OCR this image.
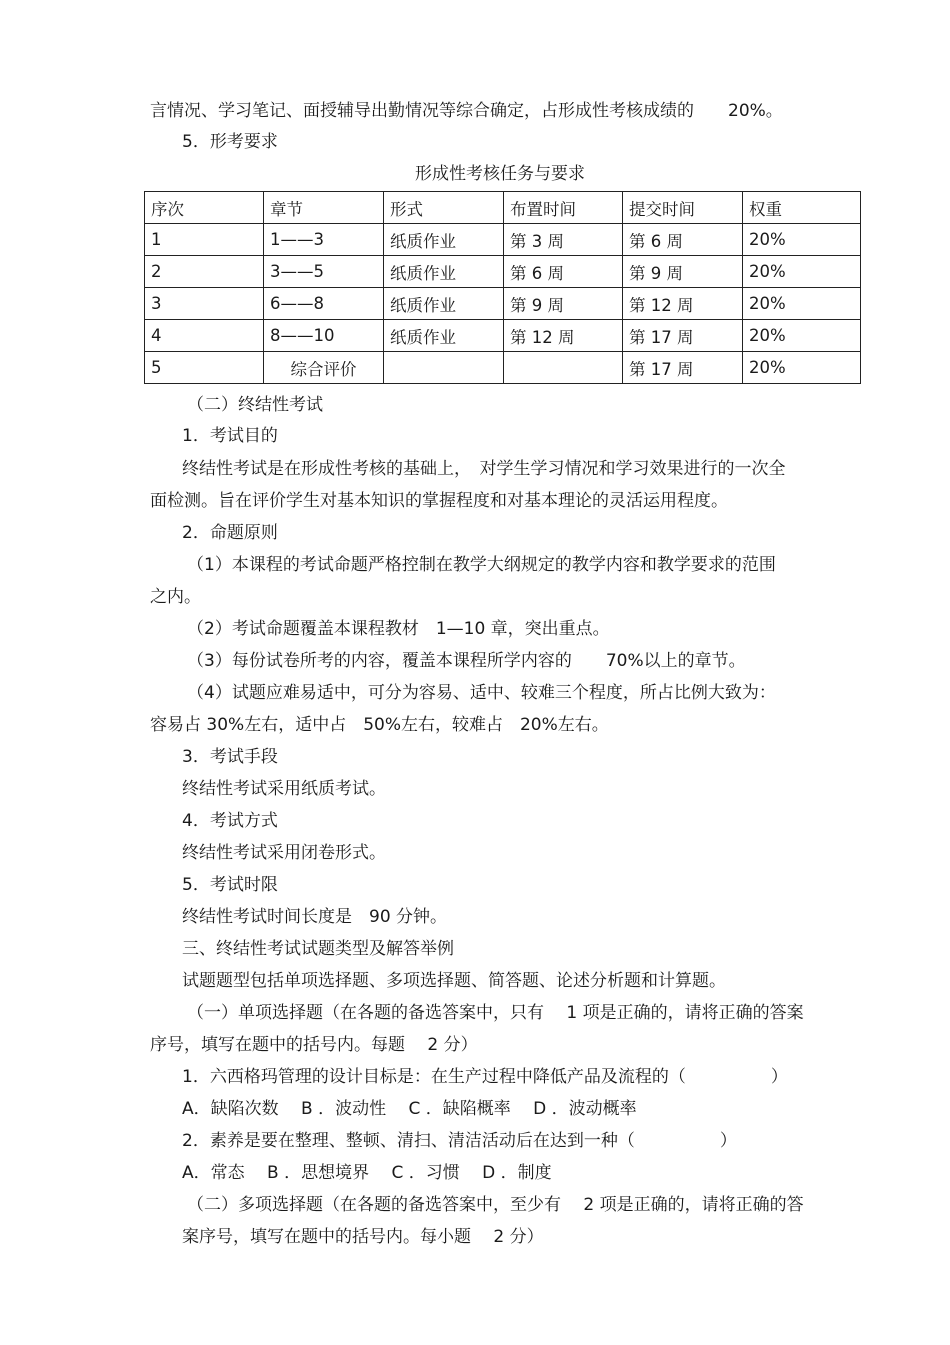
言情况、学习笔记、面授辅导出勤情况等综合确定，占形成性考核成绩的　　20%。
5．形考要求
形成性考核任务与要求
序次	章节	形式	布置时间	提交时间	权重
1	1——3	纸质作业	第 3 周	第 6 周	20%
2	3——5	纸质作业	第 6 周	第 9 周	20%
3	6——8	纸质作业	第 9 周	第 12 周	20%
4	8——10	纸质作业	第 12 周	第 17 周	20%
5	综合评价			第 17 周	20%
（二）终结性考试
1．考试目的
终结性考试是在形成性考核的基础上，　对学生学习情况和学习效果进行的一次全
面检测。旨在评价学生对基本知识的掌握程度和对基本理论的灵活运用程度。
2．命题原则
（1）本课程的考试命题严格控制在教学大纲规定的教学内容和教学要求的范围
之内。
（2）考试命题覆盖本课程教材　1—10 章，突出重点。
（3）每份试卷所考的内容，覆盖本课程所学内容的　　70%以上的章节。
（4）试题应难易适中，可分为容易、适中、较难三个程度，所占比例大致为：
容易占 30%左右，适中占　50%左右，较难占　20%左右。
3．考试手段
终结性考试采用纸质考试。
4．考试方式
终结性考试采用闭卷形式。
5．考试时限
终结性考试时间长度是　90 分钟。
三、终结性考试试题类型及解答举例
试题题型包括单项选择题、多项选择题、简答题、论述分析题和计算题。
（一）单项选择题（在各题的备选答案中，只有　 1 项是正确的，请将正确的答案
序号，填写在题中的括号内。每题　 2 分）
1．六西格玛管理的设计目标是：在生产过程中降低产品及流程的（　　　　　）
A．缺陷次数　 B ．波动性　 C ．缺陷概率　 D ．波动概率
2．素养是要在整理、整顿、清扫、清洁活动后在达到一种（　　　　　）
A．常态　 B ．思想境界　 C ．习惯　 D ．制度
（二）多项选择题（在各题的备选答案中，至少有　 2 项是正确的，请将正确的答
案序号，填写在题中的括号内。每小题　 2 分）
